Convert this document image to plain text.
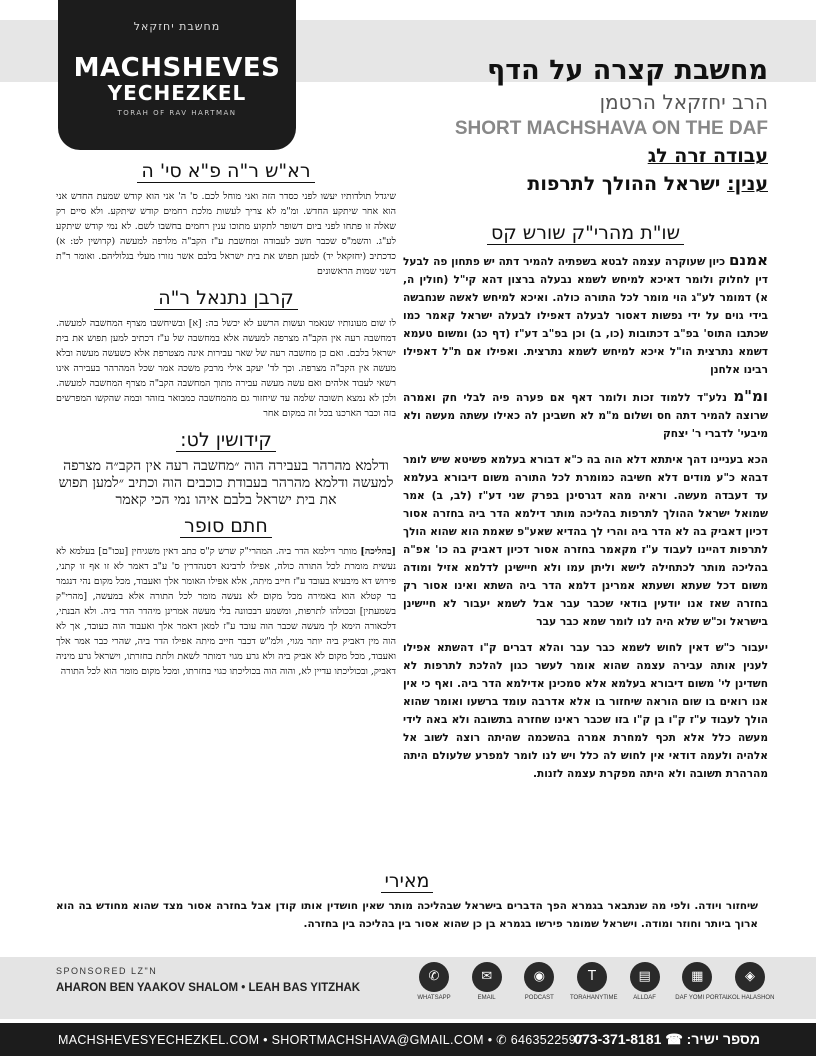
מחשבת יחזקאל
MACHSHEVES
YECHEZKEL
TORAH OF RAV HARTMAN
מחשבת קצרה על הדף
הרב יחזקאל הרטמן
SHORT MACHSHAVA ON THE DAF
עבודה זרה לג
ענין: ישראל ההולך לתרפות
שו"ת מהרי"ק שורש קס

אמנם כיון שעוקרה עצמה לבטא בשפתיה להמיר דתה יש פתחון פה לבעל דין לחלוק ולומר דאיכא למיחש לשמא נבעלה ברצון דהא קי"ל (חולין ה, א) דמומר לע"ג הוי מומר לכל התורה כולה. ואיכא למיחש לאשה שנחבשה בידי גוים על ידי נפשות דאסור לבעלה דאפילו לבעלה ישראל קאמר כמו שכתבו התוס' בפ"ב דכתובות (כו, ב) וכן בפ"ב דע"ז (דף כג) ומשום טעמא דשמא נתרצית הו"ל איכא למיחש לשמא נתרצית. ואפילו אם ת"ל דאפילו רבינו אלחנן

ומ"מ נלע"ד ללמוד זכות ולומר דאף אם פערה פיה לבלי חק ואמרה שרוצה להמיר דתה חס ושלום מ"מ לא חשבינן לה כאילו עשתה מעשה ולא מיבעי' לדברי ר' יצחק

הכא בעניינו דהך איתתא דלא הוה בה כ"א דבורא בעלמא פשיטא שיש לומר דבהא כ"ע מודים דלא חשיבה כמומרת לכל התורה משום דיבורא בעלמא עד דעבדה מעשה. וראיה מהא דגרסינן בפרק שני דע"ז (לב, ב) אמר שמואל ישראל ההולך לתרפות בהליכה מותר דילמא הדר ביה בחזרה אסור דכיון דאביק בה לא הדר ביה והרי לך בהדיא שאע"פ שאמת הוא שהוא הולך לתרפות דהיינו לעבוד ע"ז מקאמר בחזרה אסור דכיון דאביק בה כו' אפ"ה בהליכה מותר לכתחילה לישא וליתן עמו ולא חיישינן לדלמא אזיל ומודה משום דכל שעתא ושעתא אמרינן דלמא הדר ביה השתא ואינו אסור רק בחזרה שאז אנו יודעין בודאי שכבר עבר אבל לשמא יעבור לא חיישינן בישראל וכ"ש שלא היה לנו לומר שמא כבר עבר

יעבור כ"ש דאין לחוש לשמא כבר עבר והלא דברים ק"ו דהשתא אפילו לענין אותה עבירה עצמה שהוא אומר לעשר כגון להלכת לתרפות לא חשדינן לי' משום דיבורא בעלמא אלא סמכינן אדילמא הדר ביה. ואף כי אין אנו רואים בו שום הוראה שיחזור בו אלא אדרבה עומד ברשעו ואומר שהוא הולך לעבוד ע"ז ק"ו בן ק"ו בזו שכבר ראינו שחזרה בתשובה ולא באה לידי מעשה כלל אלא תכף למחרת אמרה בהשכמה שהיתה רוצה לשוב אל אלהיה ולעמה דודאי אין לחוש לה כלל ויש לנו לומר למפרע שלעולם היתה מהרהרת תשובה ולא היתה מפקרת עצמה לזנות.

רא"ש ר"ה פ"א סי' ה

שיגדל תולדותיו יעשו לפני כסדר הזה ואני מוחל לכם. ס' ה' אני הוא קודש שמעת החדש אני הוא אחר שיתקע החדש. ומ"מ לא צריך לעשות מלכת רחמים קודש שיתקע. ולא סיים רק שאלה זו פתחו לפני ביום דשופר לתקוע מתוכו ענין רחמים בחשבו לשם. לא נמי קודש שיתקע לע"ג. והשמ"ס שכבר חשב לעבודה ומחשבת ע"ז הקב"ה מלרפה למעשה (קדושין לט: א) כדכתיב (יחזקאל יד) למען תפוש את בית ישראל בלבם אשר נזורו מעלי בגלוליהם. ואומר ר"ת דשני שמות הראשונים

קרבן נתנאל ר"ה

לו שום מעונותיו שנאמר ועשות הרשע לא יכשל בה: [א] ובשיחשבו מצרף המחשבה למעשה. דמחשבה רעה אין הקב"ה מצרפה למעשה אלא במחשבה של ע"ז דכתיב למען תפוש את בית ישראל בלבם. ואם כן מחשבה רעה של שאר עבירות אינה מצטרפת אלא כשעשה מעשה ובלא מעשה אין הקב"ה מצרפה. וכך לד' יעקב אילי מרבק משכה אמר שכל המהרהר בעבירה אינו רשאי לעבוד אלהים ואם עשה מעשה עבירה מתוך המחשבה הקב"ה מצרף המחשבה למעשה. ולכן לא נמצא תשובה שלמה עד שיחזור גם מהמחשבה כמבואר בזוהר ובמה שהקשו המפרשים בזה וכבר הארכנו בכל זה במקום אחר

קידושין לט:

ודלמא מהרהר בעבירה הוה ״מחשבה רעה אין הקב״ה מצרפה למעשה ודלמא מהרהר בעבודת כוכבים הוה וכתיב ״למען תפוש את בית ישראל בלבם איהו נמי הכי קאמר

חתם סופר

[בהליכה] מותר דילמא הדר ביה. המהרי"ק שרש ק"ס כתב דאין משגיחין [עכו"ם] בעלמא לא נעשית מומרת לכל התורה כולה, אפילו לרבינא דסנהדרין ס' ע"ב דאמר לא זו אף זו קתני, פירוש דא מיבעיא בעובד ע"ז חייב מיתה, אלא אפילו האומר אלך ואעבוד, מכל מקום נהי דנגמר בר קטלא הוא באמירה מכל מקום לא נעשה מומר לכל התורה אלא במעשה, [מהרי"ק בשמעתין] ובכולהו לתרפות, ומשמע דבכוונה בלי מעשה אמרינן מיהדר הדר ביה. ולא הבנתי, דלכאורה הימא לך מעשה שכבר הוה עובד ע"ז למאן דאמר אלך ואעבוד הוה כעובד, אך לא הוה מין דאביק ביה יותר מגוי, ולמ"ש דכבר חייב מיתה אפילו הדר ביה, שהרי כבר אמר אלך ואעבוד, מכל מקום לא אביק ביה ולא גרע מגוי דמותר לשאת ולתת בחזרתו, וישראל גרע מיניה דאביק, ובכוליכתו עדיין לא, והוה הוה בכוליכתו כגוי בחזרתו, ומכל מקום מומר הוא לכל התורה

מאירי

שיחזור ויודה. ולפי מה שנתבאר בגמרא הפך הדברים בישראל שבהליכה מותר שאין חושדין אותו קודן אבל בחזרה אסור מצד שהוא מחודש בה הוא ארוך ביותר וחוזר ומודה. וישראל שמומר פירשו בגמרא בן כן שהוא אסור בין בהליכה בין בחזרה.

SPONSORED LZ"N
AHARON BEN YAAKOV SHALOM • LEAH BAS YITZHAK
✆
WHATSAPP
✉
EMAIL
◉
PODCAST
T
TORAHANYTIME
▤
ALLDAF
▦
DAF YOMI PORTAL
◈
KOL HALASHON
MACHSHEVESYECHEZKEL.COM • SHORTMACHSHAVA@GMAIL.COM • ✆ 6463522597	מספר ישיר: ☎ 073-371-8181
